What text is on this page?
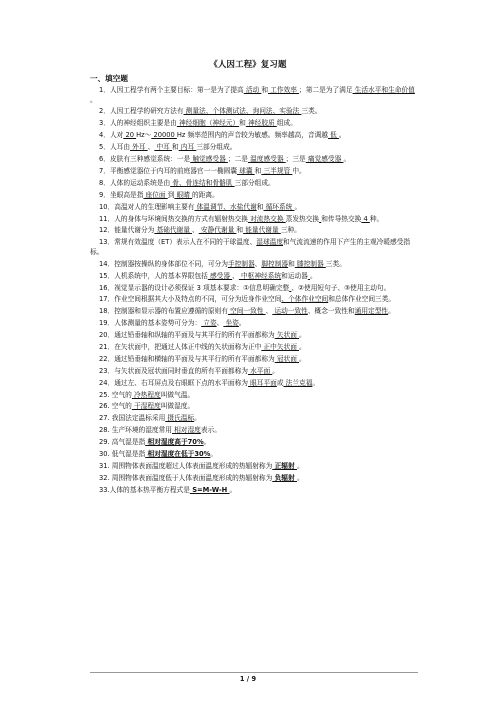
《人因工程》复习题
一、填空题
1．人因工程学有两个主要目标：第一是为了提高 活动 和 工作效率 ；第二是为了满足 生活水平和生命价值 。
2．人因工程学的研究方法有 测量法、个体测试法、询问法、实验法 三类。
3．人的神经组织主要是由 神经细胞（神经元）和 神经胶质 组成。
4．人对 20 Hz～ 20000 Hz 频率范围内的声音较为敏感。频率越高，音调越 低 。
5．人耳由 外耳 、 中耳 和 内耳 三部分组成。
6．皮肤有三种感觉系统：一是 触觉感受器 ；二是 温度感受器 ；三是 痛觉感受器 。
7．平衡感觉器位于内耳的前庭器官一一椭圆囊 球囊 和 三半规管 中。
8．人体的运动系统是由 骨、骨连结和骨骼肌 三部分组成。
9．坐眼高是指 座位面 到 眼睛 的距离。
10．高温对人的生理影响主要有 体温调节、水盐代谢和 循环系统 。
11．人的身体与环境间热交换的方式有辐射热交换 对流热交换 蒸发热交换 和传导热交换 4 种。
12．能量代谢分为 基础代谢量 、 安静代谢量 和 能量代谢量 三种。
13．常规有效温度（ET）表示人在不同的干球温度、湿球温度和气流流速的作用下产生的主观冷暖感受指标。
14．控制器按操纵的身体部位不同，可分为手控制器、脚控制器和 膝控制器 三类。
15．人机系统中，人的基本界限包括 感受器 、 中枢神经系统和运动器 。
16．视觉显示器的设计必须保证 3 项基本要求：①信息明确完整 、②使用短句子、③使用主动句。
17．作业空间根据其大小及特点的不同，可分为近身作业空间、个体作业空间和总体作业空间三类。
18．控制器和显示器的布置应遵循的原则有 空间一致性 、 运动一致性、概念一致性和通用定型性。
19．人体测量的基本姿势可分为： 立姿、 坐姿。
20．通过铅垂轴和纵轴的平面及与其平行的所有平面都称为 矢状面 。
21．在矢状面中，把通过人体正中线的矢状面称为正中 正中矢状面 。
22．通过铅垂轴和横轴的平面及与其平行的所有平面都称为 冠状面 。
23．与矢状面及冠状面同时垂直的所有平面都称为 水平面 。
24．通过左、右耳屏点及右眼眶下点的水平面称为 眼耳平面或 法兰克福。
25. 空气的 冷热程度叫做气温。
26. 空气的 干湿程度叫做湿度。
27. 我国法定温标采用 摄氏温标。
28. 生产环境的湿度常用 相对湿度表示。
29. 高气湿是指 相对湿度高于70%。
30. 低气湿是指 相对湿度在低于30%。
31. 周围物体表面温度超过人体表面温度形成的热辐射称为 正辐射 。
32. 周围物体表面温度低于人体表面温度形成的热辐射称为 负辐射 。
33.人体的基本热平衡方程式是 S=M-W-H 。
1 / 9
